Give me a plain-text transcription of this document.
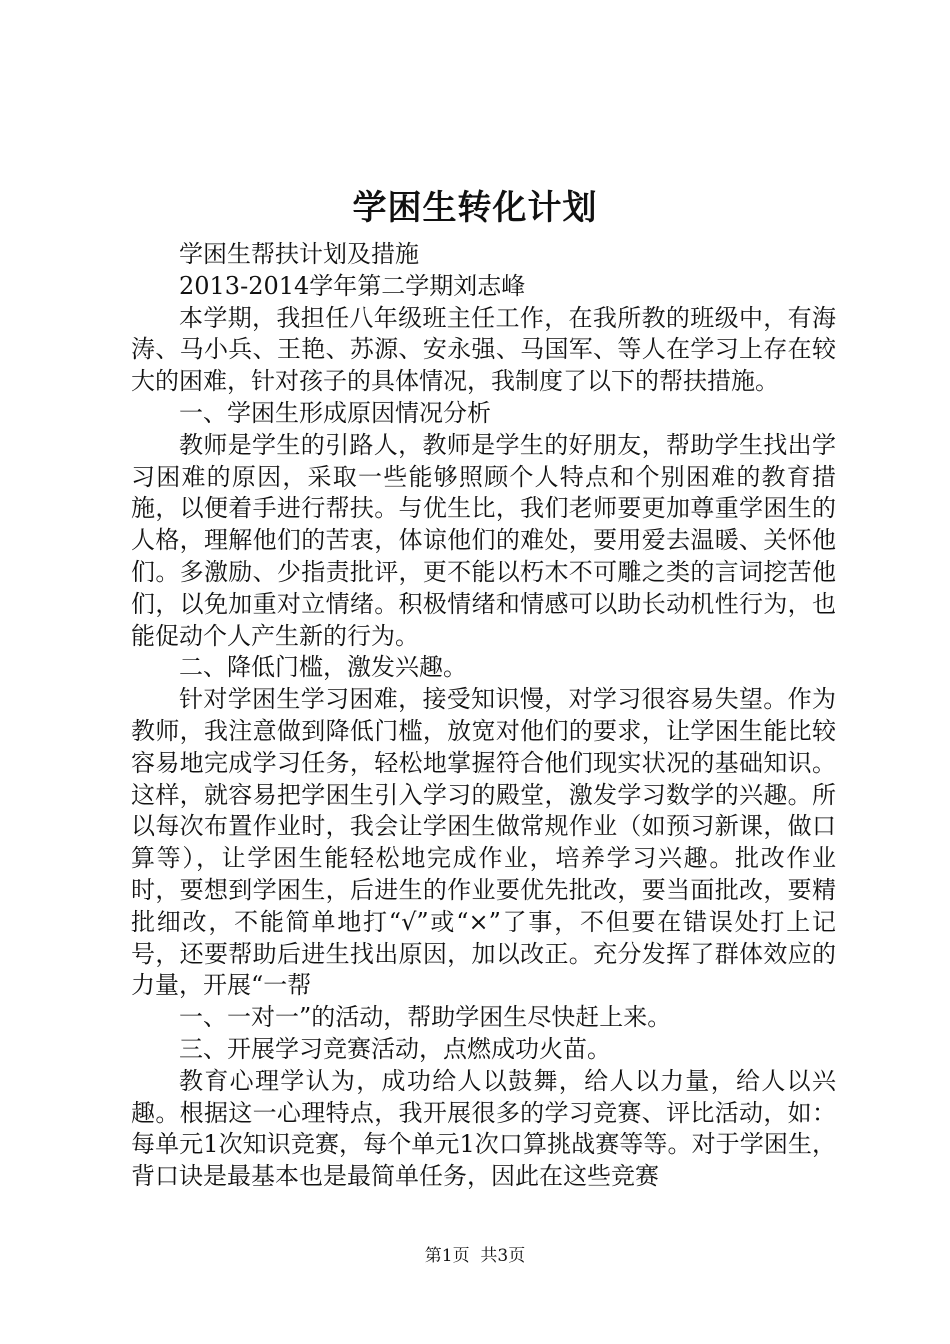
学困生转化计划

学困生帮扶计划及措施

2013-2014学年第二学期刘志峰

本学期，我担任八年级班主任工作，在我所教的班级中，有海涛、马小兵、王艳、苏源、安永强、马国军、等人在学习上存在较大的困难，针对孩子的具体情况，我制度了以下的帮扶措施。

一、学困生形成原因情况分析

教师是学生的引路人，教师是学生的好朋友，帮助学生找出学习困难的原因，采取一些能够照顾个人特点和个别困难的教育措施，以便着手进行帮扶。与优生比，我们老师要更加尊重学困生的人格，理解他们的苦衷，体谅他们的难处，要用爱去温暖、关怀他们。多激励、少指责批评，更不能以朽木不可雕之类的言词挖苦他们，以免加重对立情绪。积极情绪和情感可以助长动机性行为，也能促动个人产生新的行为。

二、降低门槛，激发兴趣。

针对学困生学习困难，接受知识慢，对学习很容易失望。作为教师，我注意做到降低门槛，放宽对他们的要求，让学困生能比较容易地完成学习任务，轻松地掌握符合他们现实状况的基础知识。这样，就容易把学困生引入学习的殿堂，激发学习数学的兴趣。所以每次布置作业时，我会让学困生做常规作业（如预习新课，做口算等），让学困生能轻松地完成作业，培养学习兴趣。批改作业时，要想到学困生，后进生的作业要优先批改，要当面批改，要精批细改，不能简单地打“√”或“×”了事，不但要在错误处打上记号，还要帮助后进生找出原因，加以改正。充分发挥了群体效应的力量，开展“一帮

一、一对一”的活动，帮助学困生尽快赶上来。

三、开展学习竞赛活动，点燃成功火苗。

教育心理学认为，成功给人以鼓舞，给人以力量，给人以兴趣。根据这一心理特点，我开展很多的学习竞赛、评比活动，如：每单元1次知识竞赛，每个单元1次口算挑战赛等等。对于学困生，背口诀是最基本也是最简单任务，因此在这些竞赛

第1页 共3页
